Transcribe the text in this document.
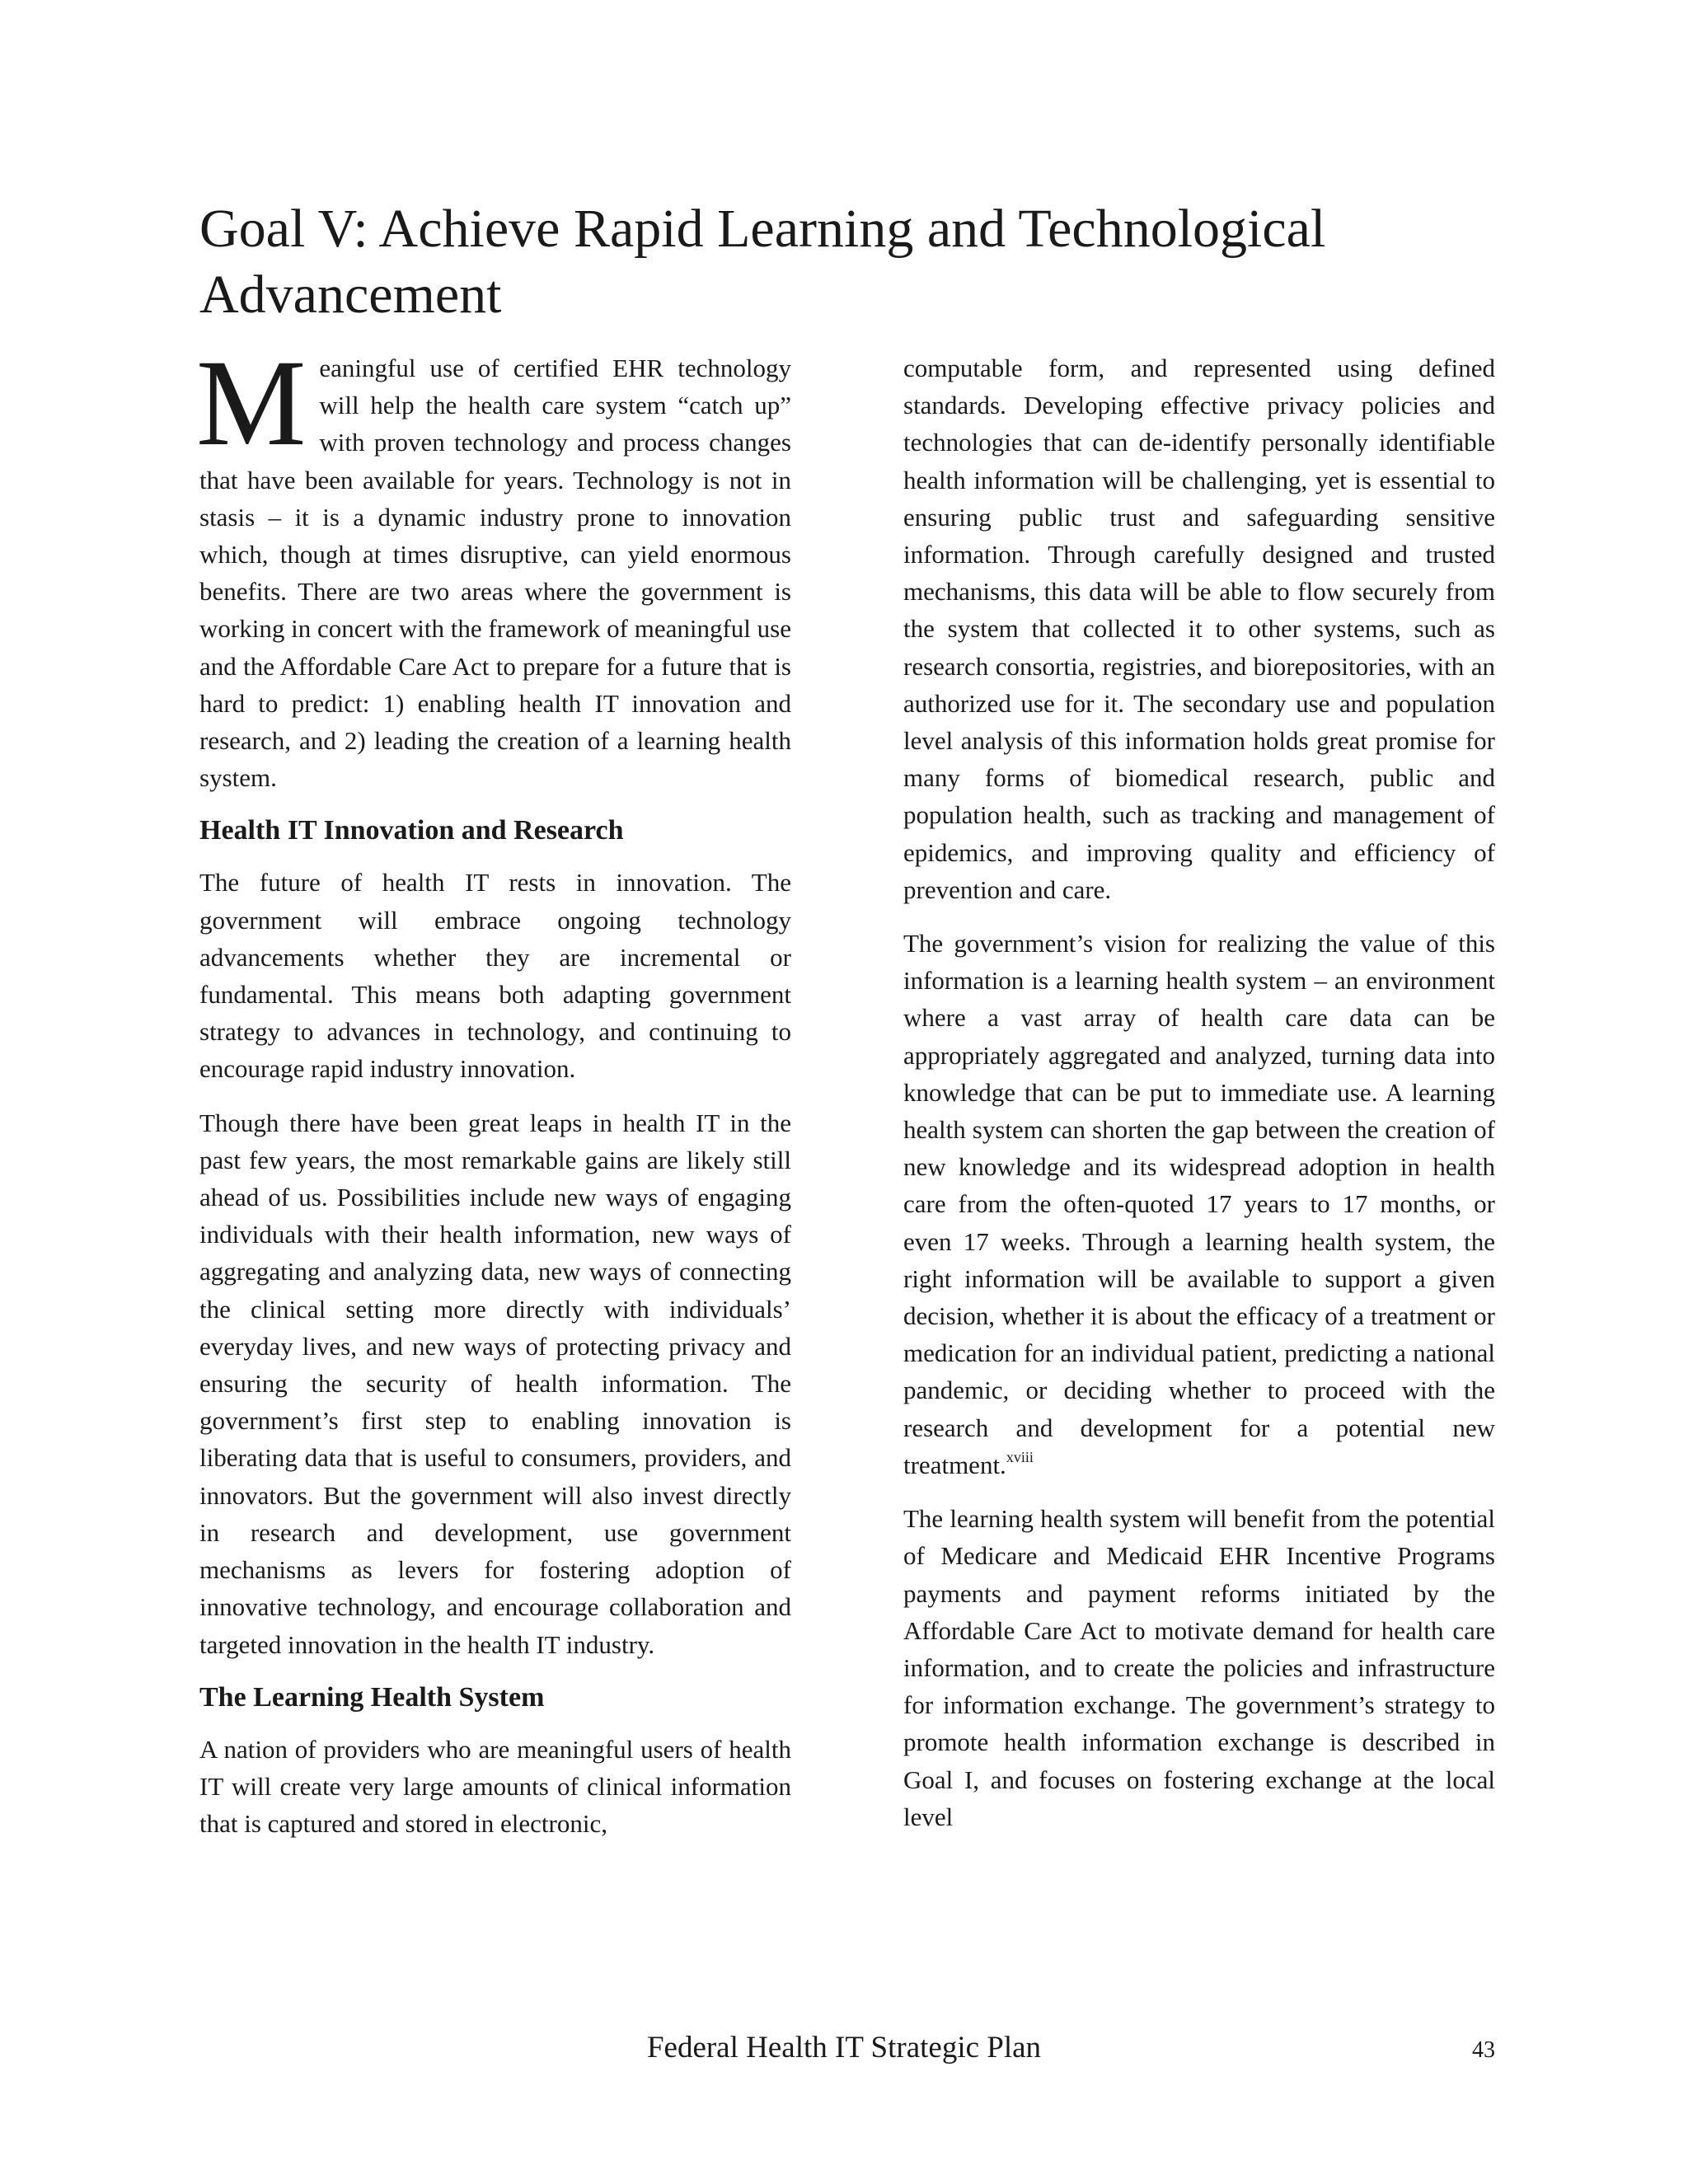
Goal V: Achieve Rapid Learning and Technological Advancement

Meaningful use of certified EHR technology will help the health care system “catch up” with proven technology and process changes that have been available for years. Technology is not in stasis – it is a dynamic industry prone to innovation which, though at times disruptive, can yield enormous benefits. There are two areas where the government is working in concert with the framework of meaningful use and the Affordable Care Act to prepare for a future that is hard to predict: 1) enabling health IT innovation and research, and 2) leading the creation of a learning health system.

Health IT Innovation and Research

The future of health IT rests in innovation. The government will embrace ongoing technology advancements whether they are incremental or fundamental. This means both adapting government strategy to advances in technology, and continuing to encourage rapid industry innovation.

Though there have been great leaps in health IT in the past few years, the most remarkable gains are likely still ahead of us. Possibilities include new ways of engaging individuals with their health information, new ways of aggregating and analyzing data, new ways of connecting the clinical setting more directly with individuals’ everyday lives, and new ways of protecting privacy and ensuring the security of health information. The government’s first step to enabling innovation is liberating data that is useful to consumers, providers, and innovators. But the government will also invest directly in research and development, use government mechanisms as levers for fostering adoption of innovative technology, and encourage collaboration and targeted innovation in the health IT industry.

The Learning Health System

A nation of providers who are meaningful users of health IT will create very large amounts of clinical information that is captured and stored in electronic,

computable form, and represented using defined standards. Developing effective privacy policies and technologies that can de-identify personally identifiable health information will be challenging, yet is essential to ensuring public trust and safeguarding sensitive information. Through carefully designed and trusted mechanisms, this data will be able to flow securely from the system that collected it to other systems, such as research consortia, registries, and biorepositories, with an authorized use for it. The secondary use and population level analysis of this information holds great promise for many forms of biomedical research, public and population health, such as tracking and management of epidemics, and improving quality and efficiency of prevention and care.

The government’s vision for realizing the value of this information is a learning health system – an environment where a vast array of health care data can be appropriately aggregated and analyzed, turning data into knowledge that can be put to immediate use. A learning health system can shorten the gap between the creation of new knowledge and its widespread adoption in health care from the often-quoted 17 years to 17 months, or even 17 weeks. Through a learning health system, the right information will be available to support a given decision, whether it is about the efficacy of a treatment or medication for an individual patient, predicting a national pandemic, or deciding whether to proceed with the research and development for a potential new treatment.$^{xviii}$

The learning health system will benefit from the potential of Medicare and Medicaid EHR Incentive Programs payments and payment reforms initiated by the Affordable Care Act to motivate demand for health care information, and to create the policies and infrastructure for information exchange. The government’s strategy to promote health information exchange is described in Goal I, and focuses on fostering exchange at the local level

Federal Health IT Strategic Plan	43
